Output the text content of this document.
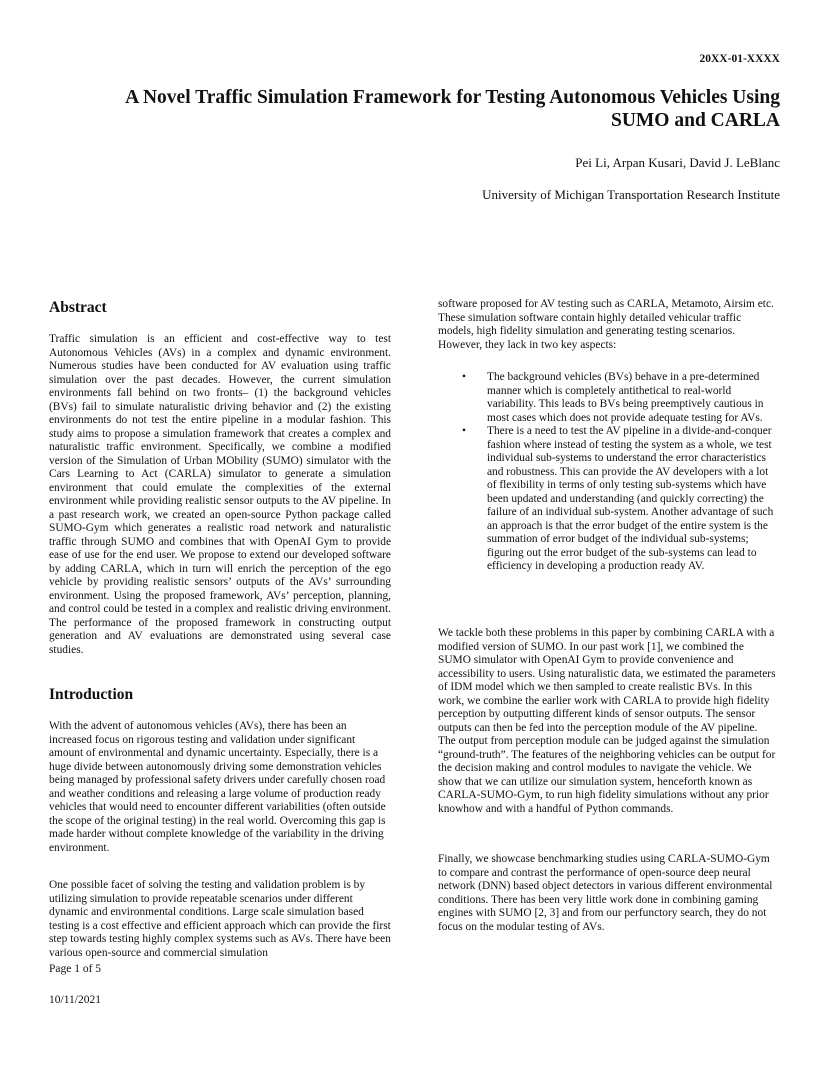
20XX-01-XXXX
A Novel Traffic Simulation Framework for Testing Autonomous Vehicles Using SUMO and CARLA
Pei Li, Arpan Kusari, David J. LeBlanc
University of Michigan Transportation Research Institute
Abstract

Traffic simulation is an efficient and cost-effective way to test Autonomous Vehicles (AVs) in a complex and dynamic environment. Numerous studies have been conducted for AV evaluation using traffic simulation over the past decades. However, the current simulation environments fall behind on two fronts– (1) the background vehicles (BVs) fail to simulate naturalistic driving behavior and (2) the existing environments do not test the entire pipeline in a modular fashion. This study aims to propose a simulation framework that creates a complex and naturalistic traffic environment. Specifically, we combine a modified version of the Simulation of Urban MObility (SUMO) simulator with the Cars Learning to Act (CARLA) simulator to generate a simulation environment that could emulate the complexities of the external environment while providing realistic sensor outputs to the AV pipeline. In a past research work, we created an open-source Python package called SUMO-Gym which generates a realistic road network and naturalistic traffic through SUMO and combines that with OpenAI Gym to provide ease of use for the end user. We propose to extend our developed software by adding CARLA, which in turn will enrich the perception of the ego vehicle by providing realistic sensors’ outputs of the AVs’ surrounding environment. Using the proposed framework, AVs’ perception, planning, and control could be tested in a complex and realistic driving environment. The performance of the proposed framework in constructing output generation and AV evaluations are demonstrated using several case studies.

Introduction

With the advent of autonomous vehicles (AVs), there has been an increased focus on rigorous testing and validation under significant amount of environmental and dynamic uncertainty. Especially, there is a huge divide between autonomously driving some demonstration vehicles being managed by professional safety drivers under carefully chosen road and weather conditions and releasing a large volume of production ready vehicles that would need to encounter different variabilities (often outside the scope of the original testing) in the real world. Overcoming this gap is made harder without complete knowledge of the variability in the driving environment.

One possible facet of solving the testing and validation problem is by utilizing simulation to provide repeatable scenarios under different dynamic and environmental conditions. Large scale simulation based testing is a cost effective and efficient approach which can provide the first step towards testing highly complex systems such as AVs. There have been various open-source and commercial simulation

software proposed for AV testing such as CARLA, Metamoto, Airsim etc. These simulation software contain highly detailed vehicular traffic models, high fidelity simulation and generating testing scenarios. However, they lack in two key aspects:

• The background vehicles (BVs) behave in a pre-determined manner which is completely antithetical to real-world variability. This leads to BVs being preemptively cautious in most cases which does not provide adequate testing for AVs.
• There is a need to test the AV pipeline in a divide-and-conquer fashion where instead of testing the system as a whole, we test individual sub-systems to understand the error characteristics and robustness. This can provide the AV developers with a lot of flexibility in terms of only testing sub-systems which have been updated and understanding (and quickly correcting) the failure of an individual sub-system. Another advantage of such an approach is that the error budget of the entire system is the summation of error budget of the individual sub-systems; figuring out the error budget of the sub-systems can lead to efficiency in developing a production ready AV.

We tackle both these problems in this paper by combining CARLA with a modified version of SUMO. In our past work [1], we combined the SUMO simulator with OpenAI Gym to provide convenience and accessibility to users. Using naturalistic data, we estimated the parameters of IDM model which we then sampled to create realistic BVs. In this work, we combine the earlier work with CARLA to provide high fidelity perception by outputting different kinds of sensor outputs. The sensor outputs can then be fed into the perception module of the AV pipeline. The output from perception module can be judged against the simulation “ground-truth”. The features of the neighboring vehicles can be output for the decision making and control modules to navigate the vehicle. We show that we can utilize our simulation system, henceforth known as CARLA-SUMO-Gym, to run high fidelity simulations without any prior knowhow and with a handful of Python commands.

Finally, we showcase benchmarking studies using CARLA-SUMO-Gym to compare and contrast the performance of open-source deep neural network (DNN) based object detectors in various different environmental conditions. There has been very little work done in combining gaming engines with SUMO [2, 3] and from our perfunctory search, they do not focus on the modular testing of AVs.

Page 1 of 5
10/11/2021
